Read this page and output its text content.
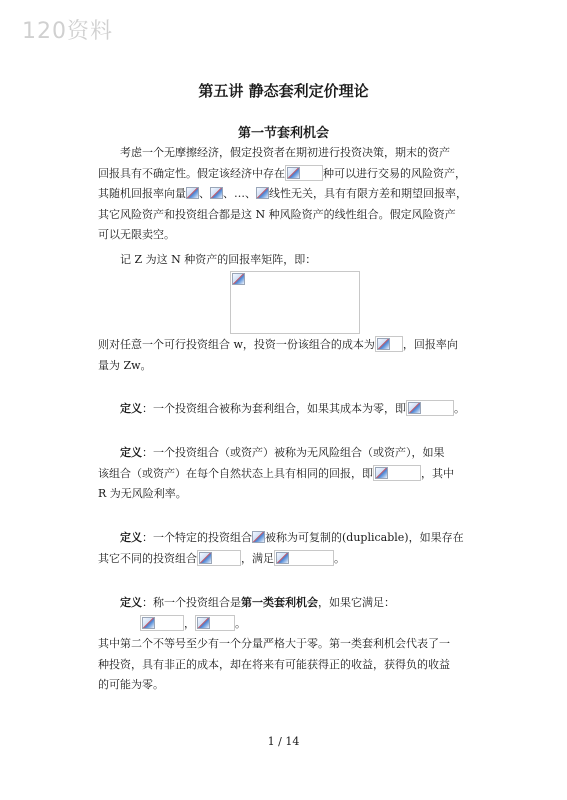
120资料
第五讲 静态套利定价理论
第一节套利机会
考虑一个无摩擦经济，假定投资者在期初进行投资决策，期末的资产
回报具有不确定性。假定该经济中存在	种可以进行交易的风险资产，
其随机回报率向量 、 、…、 线性无关，具有有限方差和期望回报率，
其它风险资产和投资组合都是这 N 种风险资产的线性组合。假定风险资产
可以无限卖空。
记 Z 为这 N 种资产的回报率矩阵，即：
则对任意一个可行投资组合 w，投资一份该组合的成本为	，回报率向
量为 Zw。
定义：一个投资组合被称为套利组合，如果其成本为零，即	。
定义：一个投资组合（或资产）被称为无风险组合（或资产），如果
该组合（或资产）在每个自然状态上具有相同的回报，即	，其中
R 为无风险利率。
定义：一个特定的投资组合 被称为可复制的(duplicable)，如果存在
其它不同的投资组合	，满足	。
定义：称一个投资组合是第一类套利机会，如果它满足：
，	。
其中第二个不等号至少有一个分量严格大于零。第一类套利机会代表了一
种投资，具有非正的成本，却在将来有可能获得正的收益，获得负的收益
的可能为零。
1 / 14
